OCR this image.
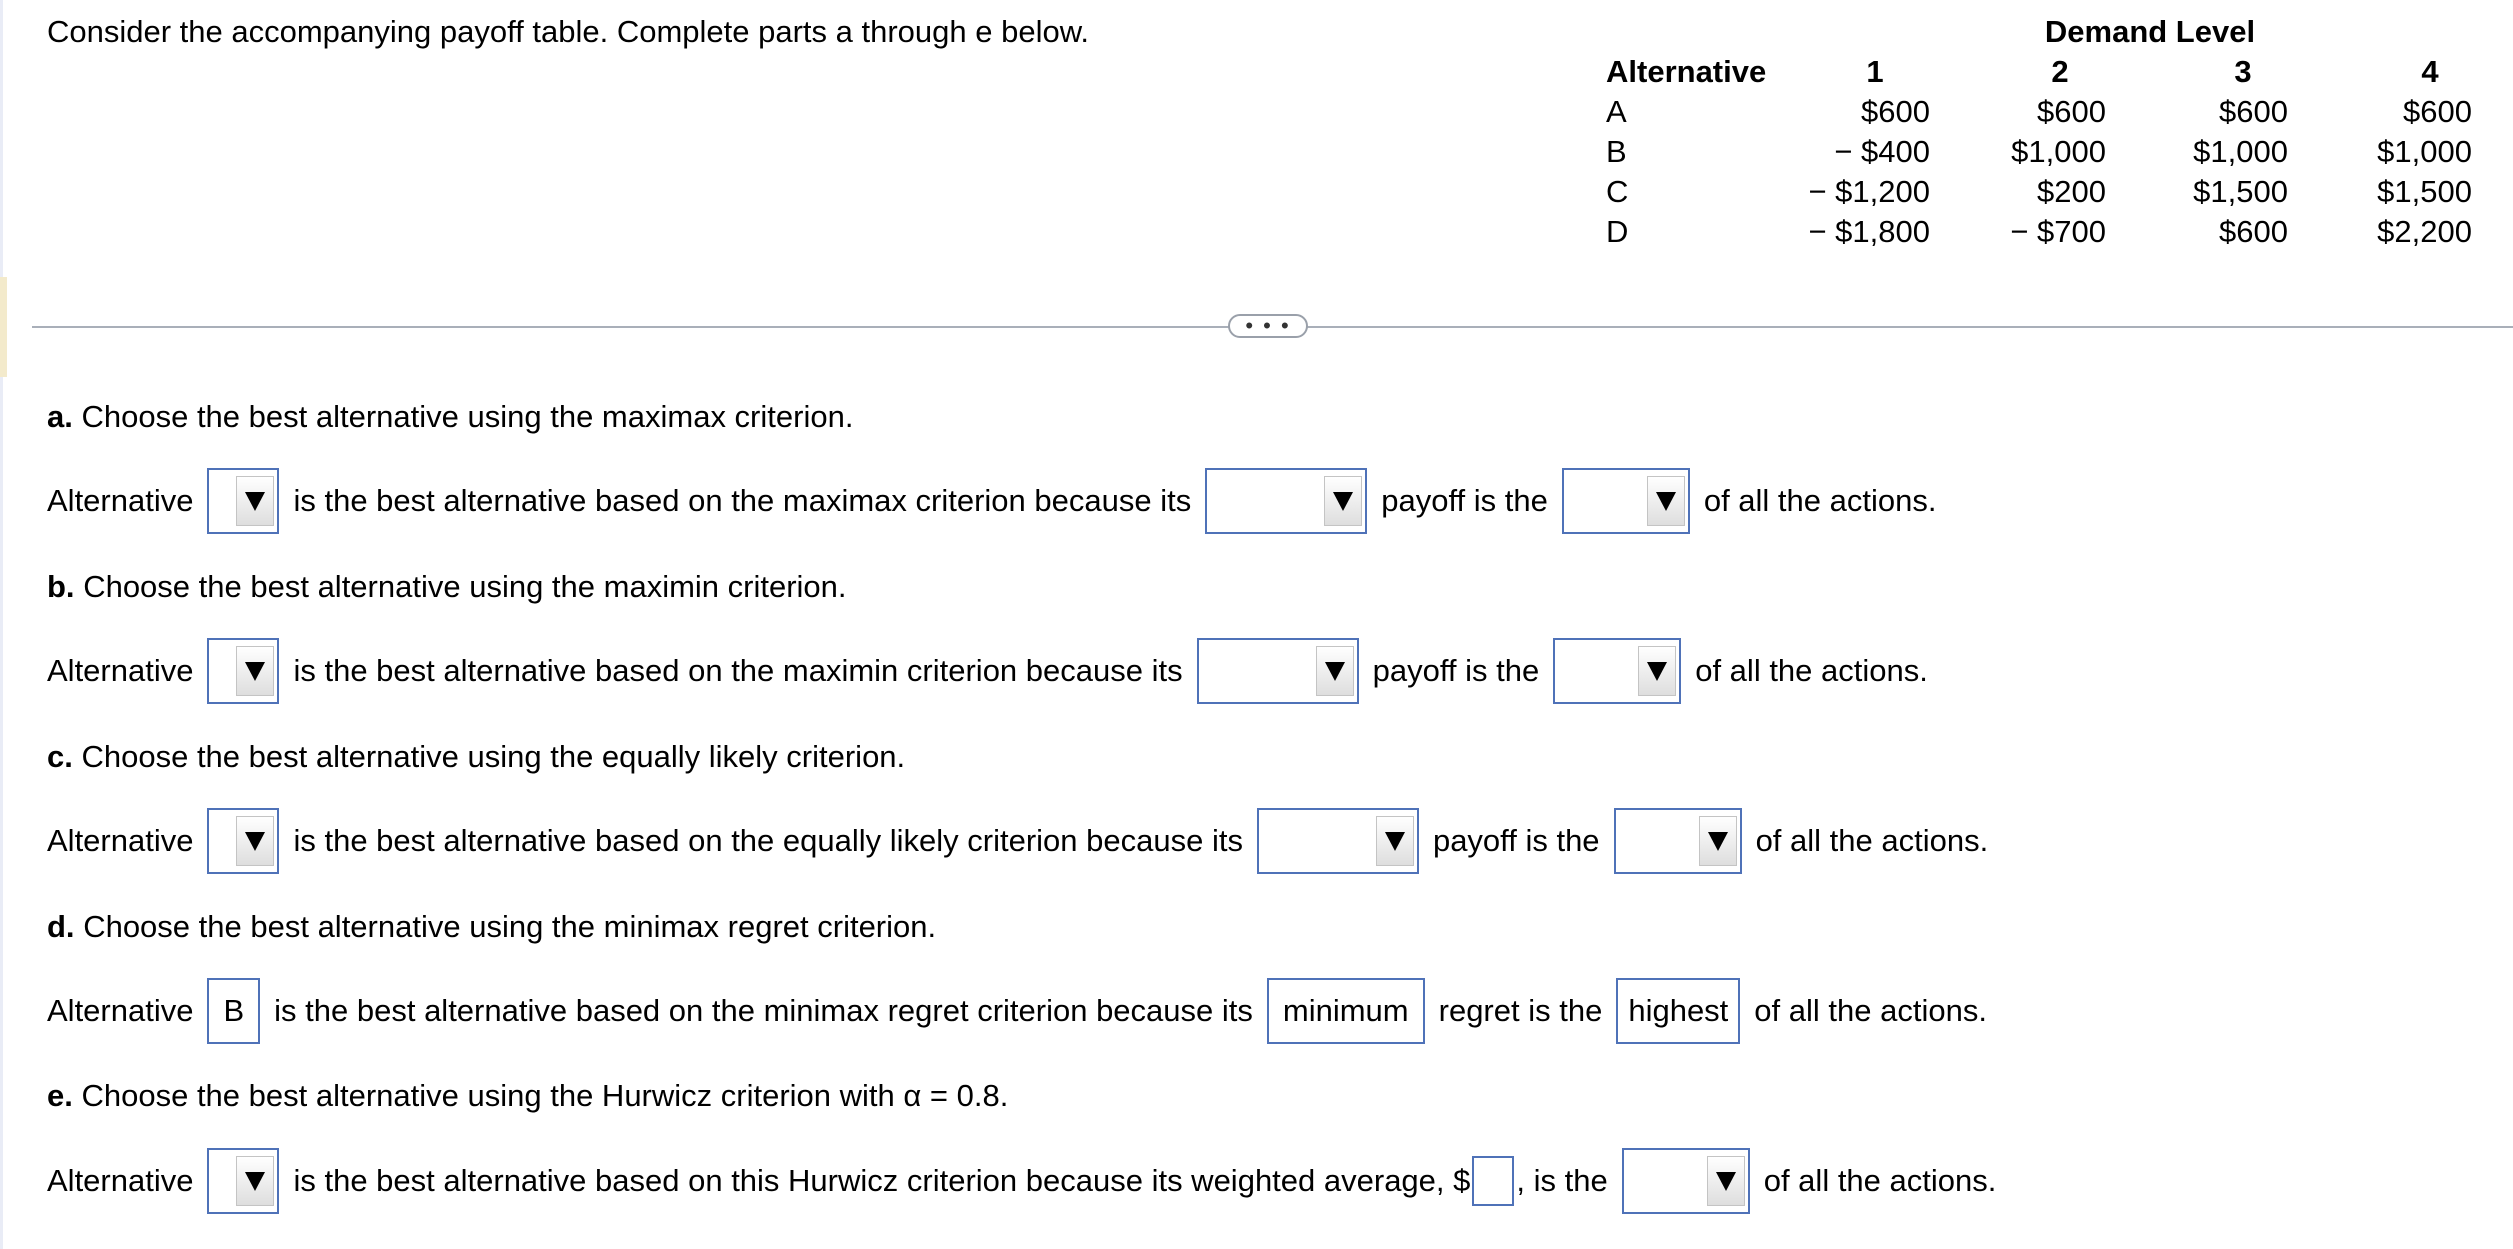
Consider the accompanying payoff table. Complete parts a through e below.	Demand Level
Alternative	1	2	3	4
A	$600	$600	$600	$600
B	− $400	$1,000	$1,000	$1,000
C	− $1,200	$200	$1,500	$1,500
D	− $1,800	− $700	$600	$2,200
• • •
a. Choose the best alternative using the maximax criterion.
Alternative	is the best alternative based on the maximax criterion because its	payoff is the	of all the actions.
b. Choose the best alternative using the maximin criterion.
Alternative	is the best alternative based on the maximin criterion because its	payoff is the	of all the actions.
c. Choose the best alternative using the equally likely criterion.
Alternative	is the best alternative based on the equally likely criterion because its	payoff is the	of all the actions.
d. Choose the best alternative using the minimax regret criterion.
Alternative B is the best alternative based on the minimax regret criterion because its minimum regret is the highest of all the actions.
e. Choose the best alternative using the Hurwicz criterion with α = 0.8.
Alternative	is the best alternative based on this Hurwicz criterion because its weighted average, $ , is the	of all the actions.
